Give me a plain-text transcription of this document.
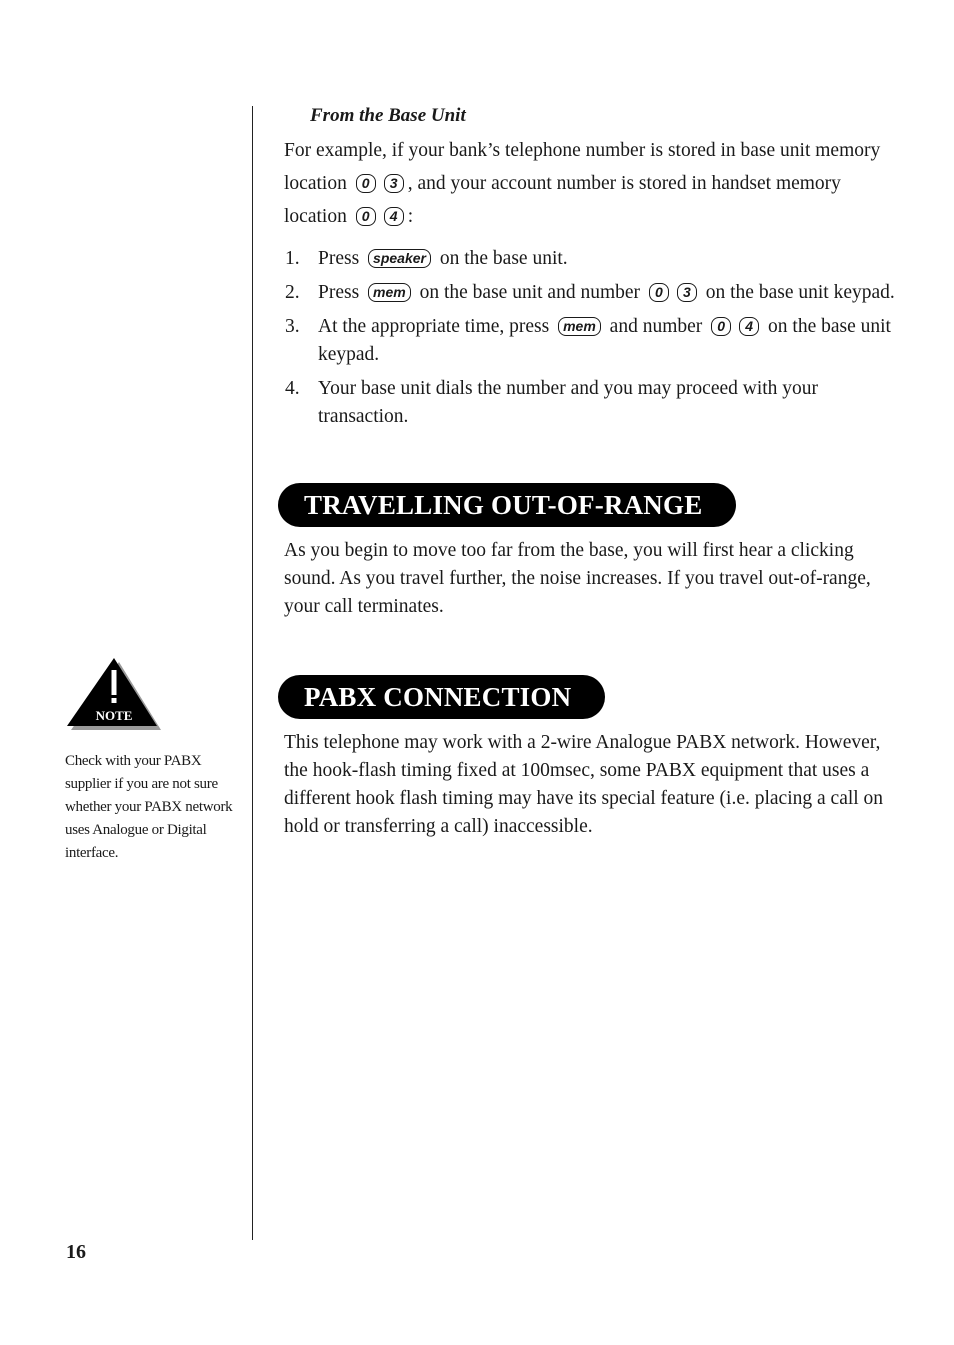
NOTE
Check with your PABX supplier if you are not sure whether your PABX network uses Analogue or Digital interface.
From the Base Unit

For example, if your bank’s telephone number is stored in base unit memory location 0 3 , and your account number is stored in handset memory location 0 4 :

1. Press speaker on the base unit.
2. Press mem on the base unit and number 0 3 on the base unit keypad.
3. At the appropriate time, press mem and number 0 4 on the base unit keypad.
4. Your base unit dials the number and you may proceed with your transaction.
TRAVELLING OUT-OF-RANGE

As you begin to move too far from the base, you will first hear a clicking sound. As you travel further, the noise increases. If you travel out-of-range, your call terminates.

PABX CONNECTION

This telephone may work with a 2-wire Analogue PABX network. However, the hook-flash timing fixed at 100msec, some PABX equipment that uses a different hook flash timing may have its special feature (i.e. placing a call on hold or transferring a call) inaccessible.

16
